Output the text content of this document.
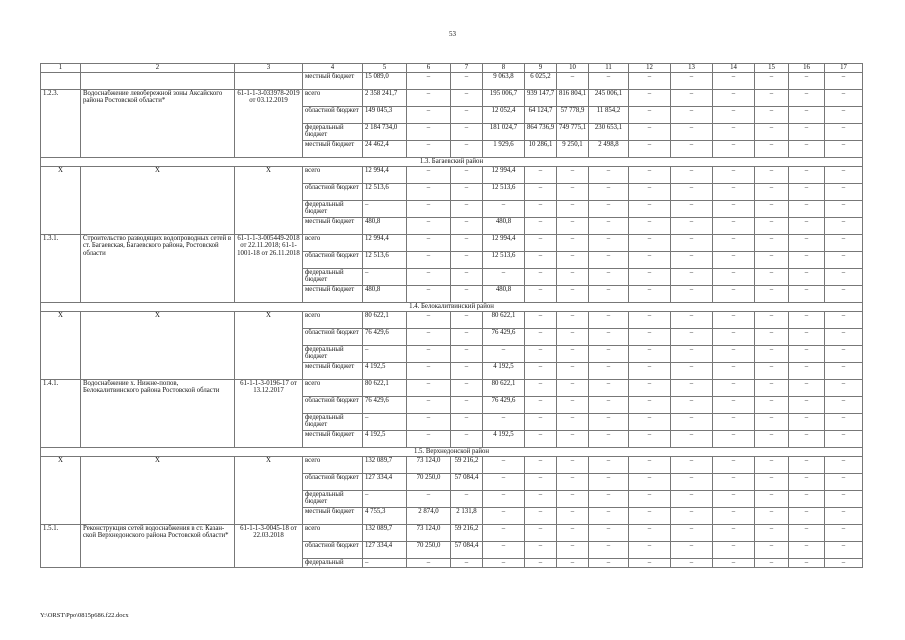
53
1	2	3	4	5	6	7	8	9	10	11	12	13	14	15	16	17
			местный бюджет	15 089,0	–	–	9 063,8	6 025,2	–	–	–	–	–	–	–	–
1.2.3.	Водоснабжение левобережной зоны Аксайского района Ростовской области*	61-1-1-3-033978-2019 от 03.12.2019	всего	2 358 241,7	–	–	195 006,7	939 147,7	816 804,1	245 006,1	–	–	–	–	–	–
			областной бюджет	149 045,3	–	–	12 052,4	64 124,7	57 778,9	11 854,2	–	–	–	–	–	–
			федеральный бюджет	2 184 734,0	–	–	181 024,7	864 736,9	749 775,1	230 653,1	–	–	–	–	–	–
			местный бюджет	24 462,4	–	–	1 929,6	10 286,1	9 250,1	2 498,8	–	–	–	–	–	–
1.3. Багаевский район																
Х	Х	Х	всего	12 994,4	–	–	12 994,4	–	–	–	–	–	–	–	–	–
			областной бюджет	12 513,6	–	–	12 513,6	–	–	–	–	–	–	–	–	–
			федеральный бюджет	–	–	–	–	–	–	–	–	–	–	–	–	–
			местный бюджет	480,8	–	–	480,8	–	–	–	–	–	–	–	–	–
1.3.1.	Строительство разводящих водопроводных сетей в ст. Багаевская, Багаевского района, Ростовской области	61-1-1-3-005449-2018 от 22.11.2018; 61-1-1001-18 от 26.11.2018	всего	12 994,4	–	–	12 994,4	–	–	–	–	–	–	–	–	–
			областной бюджет	12 513,6	–	–	12 513,6	–	–	–	–	–	–	–	–	–
			федеральный бюджет	–	–	–	–	–	–	–	–	–	–	–	–	–
			местный бюджет	480,8	–	–	480,8	–	–	–	–	–	–	–	–	–
1.4. Белокалитвинский район																
Х	Х	Х	всего	80 622,1	–	–	80 622,1	–	–	–	–	–	–	–	–	–
			областной бюджет	76 429,6	–	–	76 429,6	–	–	–	–	–	–	–	–	–
			федеральный бюджет	–	–	–	–	–	–	–	–	–	–	–	–	–
			местный бюджет	4 192,5	–	–	4 192,5	–	–	–	–	–	–	–	–	–
1.4.1.	Водоснабжение х. Нижне-попов, Белокалитвинского района Ростовской области	61-1-1-3-0196-17 от 13.12.2017	всего	80 622,1	–	–	80 622,1	–	–	–	–	–	–	–	–	–
			областной бюджет	76 429,6	–	–	76 429,6	–	–	–	–	–	–	–	–	–
			федеральный бюджет	–	–	–	–	–	–	–	–	–	–	–	–	–
			местный бюджет	4 192,5	–	–	4 192,5	–	–	–	–	–	–	–	–	–
1.5. Верхнедонской район																
Х	Х	Х	всего	132 089,7	73 124,0	59 216,2	–	–	–	–	–	–	–	–	–	–
			областной бюджет	127 334,4	70 250,0	57 084,4	–	–	–	–	–	–	–	–	–	–
			федеральный бюджет	–	–	–	–	–	–	–	–	–	–	–	–	–
			местный бюджет	4 755,3	2 874,0	2 131,8	–	–	–	–	–	–	–	–	–	–
1.5.1.	Реконструкция сетей водоснабжения в ст. Казан-ской Верхнедонского района Ростовской области*	61-1-1-3-0045-18 от 22.03.2018	всего	132 089,7	73 124,0	59 216,2	–	–	–	–	–	–	–	–	–	–
			областной бюджет	127 334,4	70 250,0	57 084,4	–	–	–	–	–	–	–	–	–	–
			федеральный	–	–	–	–	–	–	–	–	–	–	–	–	–
Y:\ORST\Ppo\0815p686.f22.docx
